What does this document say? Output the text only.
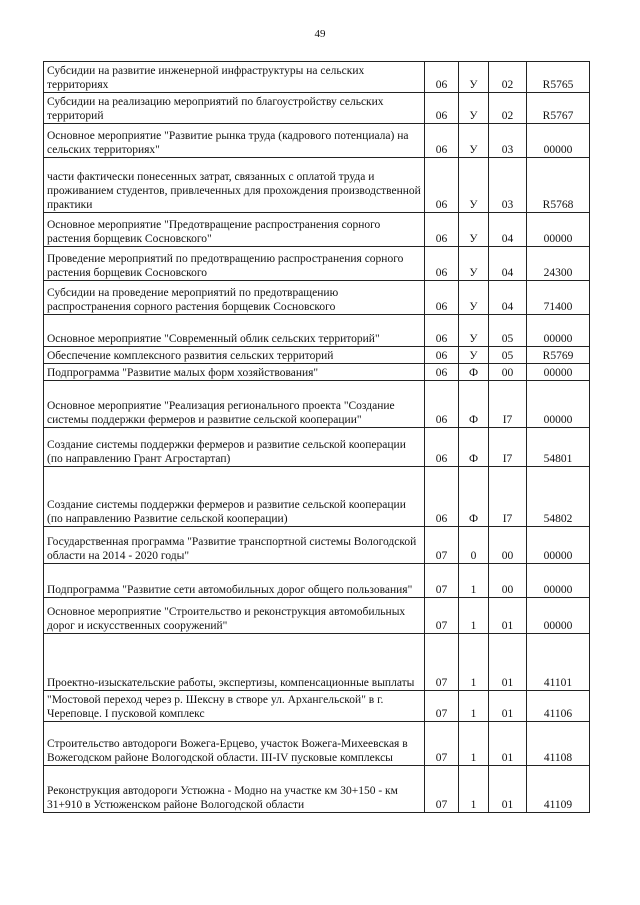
49
Субсидии на развитие инженерной инфраструктуры на сельских территориях	06	У	02	R5765
Субсидии на реализацию мероприятий по благоустройству сельских территорий	06	У	02	R5767
Основное мероприятие "Развитие рынка труда (кадрового потенциала) на сельских территориях"	06	У	03	00000
части фактически понесенных затрат, связанных с оплатой труда и проживанием студентов, привлеченных для прохождения производственной практики	06	У	03	R5768
Основное мероприятие "Предотвращение распространения сорного растения борщевик Сосновского"	06	У	04	00000
Проведение мероприятий по предотвращению распространения сорного растения борщевик Сосновского	06	У	04	24300
Субсидии на проведение мероприятий по предотвращению распространения сорного растения борщевик Сосновского	06	У	04	71400
Основное мероприятие "Современный облик сельских территорий"	06	У	05	00000
Обеспечение комплексного развития сельских территорий	06	У	05	R5769
Подпрограмма "Развитие малых форм хозяйствования"	06	Ф	00	00000
Основное мероприятие "Реализация регионального проекта "Создание системы поддержки фермеров и развитие сельской кооперации"	06	Ф	I7	00000
Создание системы поддержки фермеров и развитие сельской кооперации (по направлению Грант Агростартап)	06	Ф	I7	54801
Создание системы поддержки фермеров и развитие сельской кооперации (по направлению Развитие сельской кооперации)	06	Ф	I7	54802
Государственная программа "Развитие транспортной системы Вологодской области на 2014 - 2020 годы"	07	0	00	00000
Подпрограмма "Развитие сети автомобильных дорог общего пользования"	07	1	00	00000
Основное мероприятие "Строительство и реконструкция автомобильных дорог и искусственных сооружений"	07	1	01	00000
Проектно-изыскательские работы, экспертизы, компенсационные выплаты	07	1	01	41101
"Мостовой переход через р. Шексну в створе ул. Архангельской" в г. Череповце. I пусковой комплекс	07	1	01	41106
Строительство автодороги Вожега-Ерцево, участок Вожега-Михеевская в Вожегодском районе Вологодской области. III-IV пусковые комплексы	07	1	01	41108
Реконструкция автодороги Устюжна - Модно на участке км 30+150 - км 31+910 в Устюженском районе Вологодской области	07	1	01	41109
